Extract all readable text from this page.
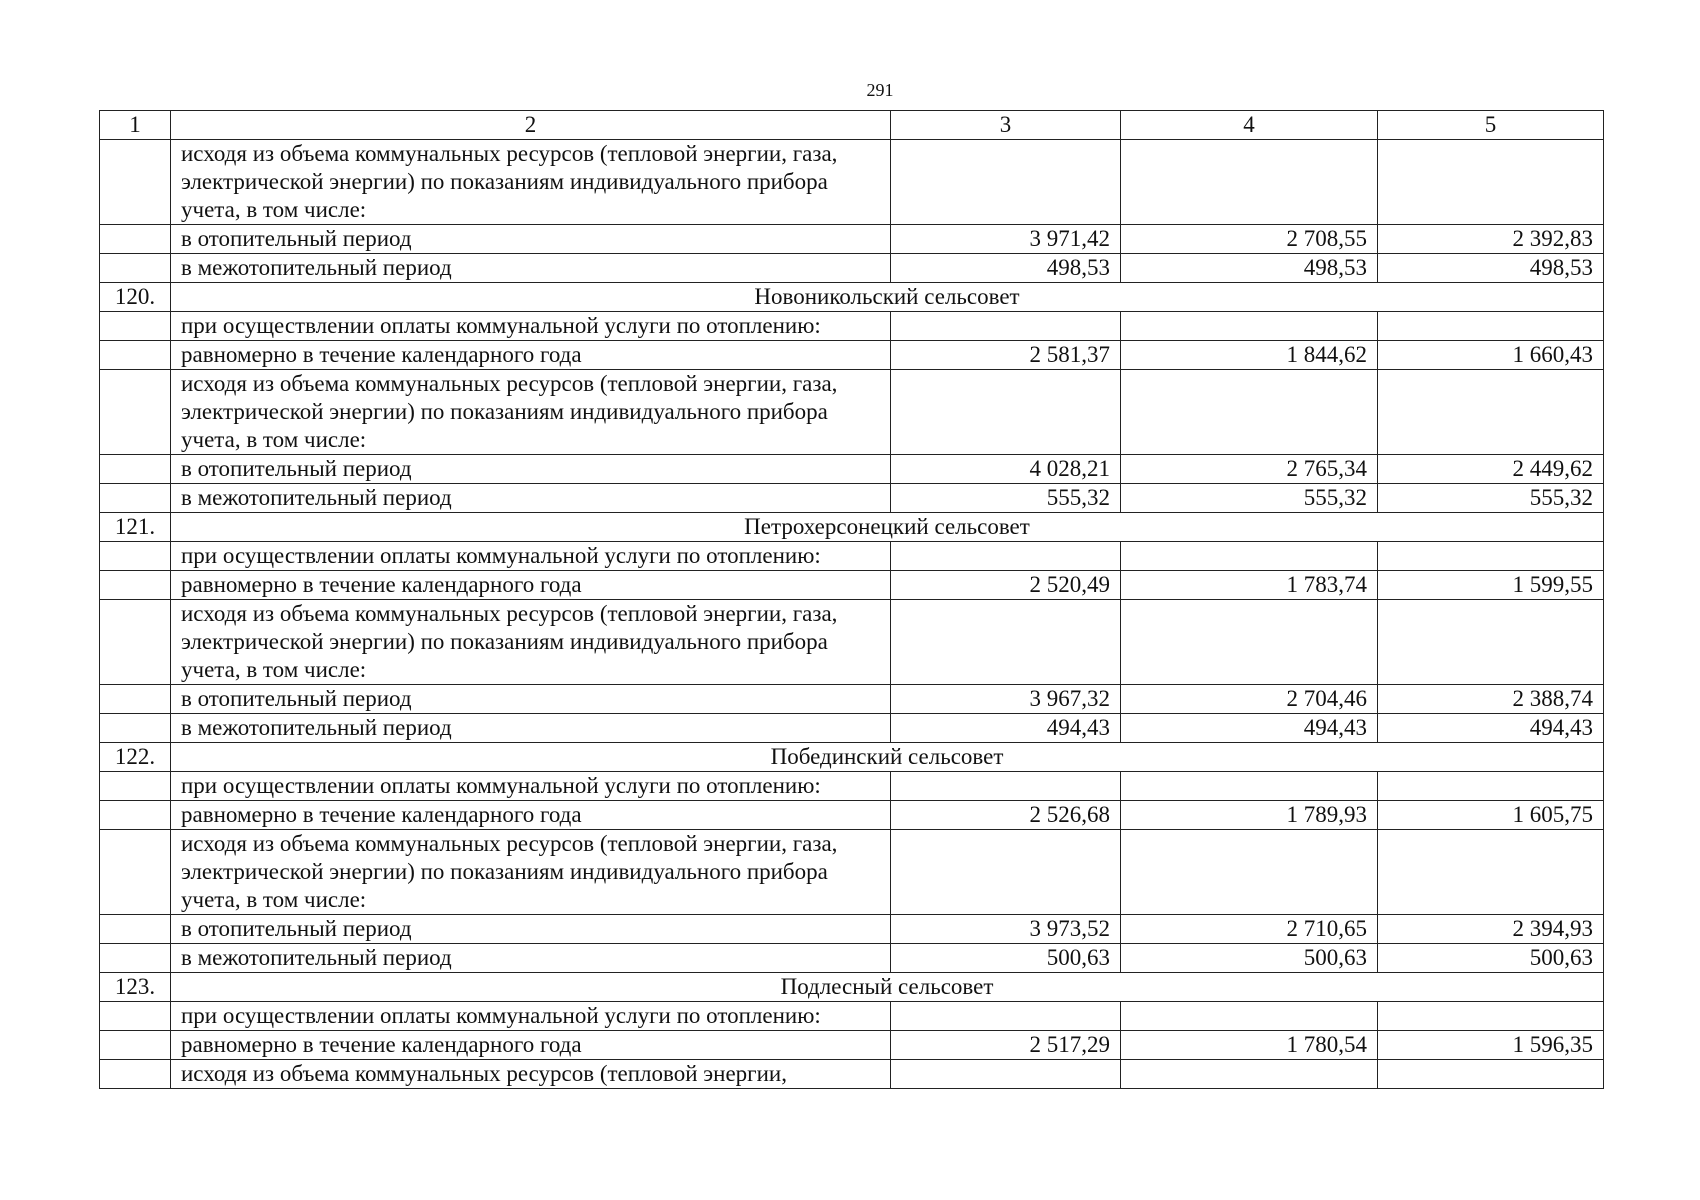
291
1	2	3	4	5
	исходя из объема коммунальных ресурсов (тепловой энергии, газа, электрической энергии) по показаниям индивидуального прибора учета, в том числе:			
	в отопительный период	3 971,42	2 708,55	2 392,83
	в межотопительный период	498,53	498,53	498,53
120.	Новоникольский сельсовет			
	при осуществлении оплаты коммунальной услуги по отоплению:			
	равномерно в течение календарного года	2 581,37	1 844,62	1 660,43
	исходя из объема коммунальных ресурсов (тепловой энергии, газа, электрической энергии) по показаниям индивидуального прибора учета, в том числе:			
	в отопительный период	4 028,21	2 765,34	2 449,62
	в межотопительный период	555,32	555,32	555,32
121.	Петрохерсонецкий сельсовет			
	при осуществлении оплаты коммунальной услуги по отоплению:			
	равномерно в течение календарного года	2 520,49	1 783,74	1 599,55
	исходя из объема коммунальных ресурсов (тепловой энергии, газа, электрической энергии) по показаниям индивидуального прибора учета, в том числе:			
	в отопительный период	3 967,32	2 704,46	2 388,74
	в межотопительный период	494,43	494,43	494,43
122.	Побединский сельсовет			
	при осуществлении оплаты коммунальной услуги по отоплению:			
	равномерно в течение календарного года	2 526,68	1 789,93	1 605,75
	исходя из объема коммунальных ресурсов (тепловой энергии, газа, электрической энергии) по показаниям индивидуального прибора учета, в том числе:			
	в отопительный период	3 973,52	2 710,65	2 394,93
	в межотопительный период	500,63	500,63	500,63
123.	Подлесный сельсовет			
	при осуществлении оплаты коммунальной услуги по отоплению:			
	равномерно в течение календарного года	2 517,29	1 780,54	1 596,35
	исходя из объема коммунальных ресурсов (тепловой энергии,			
